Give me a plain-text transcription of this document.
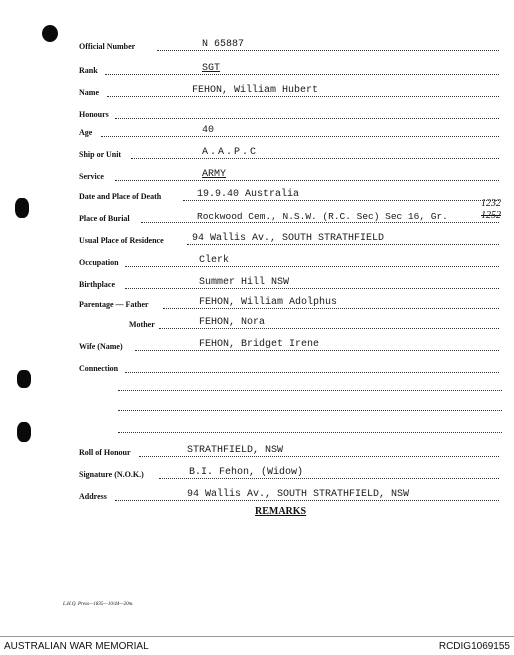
Official Number	N 65887
Rank	SGT
Name	FEHON, William Hubert
Honours
Age	40
Ship or Unit	A.A.P.C
Service	ARMY
Date and Place of Death	19.9.40 Australia
Place of Burial	Rockwood Cem., N.S.W. (R.C. Sec) Sec 16, Gr.
1232
1252
Usual Place of Residence	94 Wallis Av., SOUTH STRATHFIELD
Occupation	Clerk
Birthplace	Summer Hill NSW
Parentage — Father	FEHON, William Adolphus
Mother	FEHON, Nora
Wife (Name)	FEHON, Bridget Irene
Connection
Roll of Honour	STRATHFIELD, NSW
Signature (N.O.K.)	B.I. Fehon, (Widow)
Address	94 Wallis Av., SOUTH STRATHFIELD, NSW
REMARKS
L.H.Q. Press—1835—10/44—20m.
AUSTRALIAN WAR MEMORIAL	RCDIG1069155
